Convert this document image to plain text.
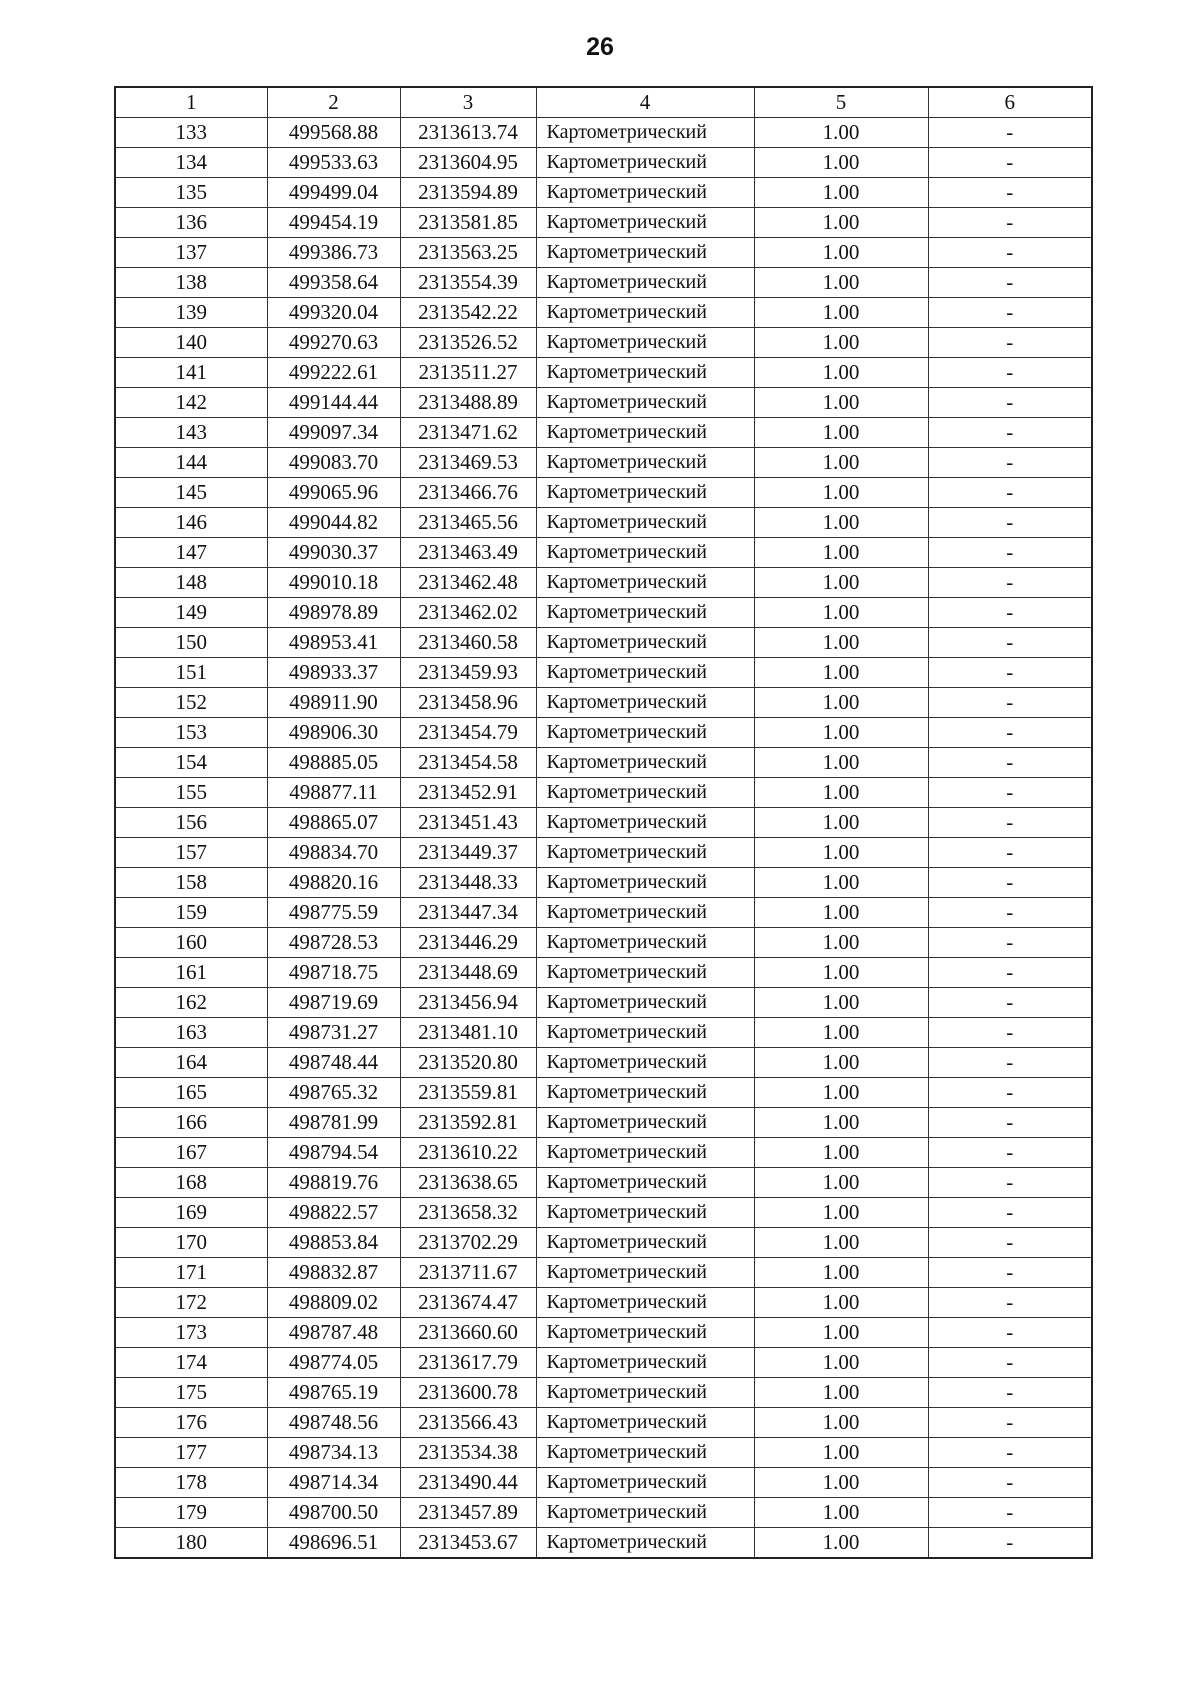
26
1	2	3	4	5	6
133	499568.88	2313613.74	Картометрический	1.00	-
134	499533.63	2313604.95	Картометрический	1.00	-
135	499499.04	2313594.89	Картометрический	1.00	-
136	499454.19	2313581.85	Картометрический	1.00	-
137	499386.73	2313563.25	Картометрический	1.00	-
138	499358.64	2313554.39	Картометрический	1.00	-
139	499320.04	2313542.22	Картометрический	1.00	-
140	499270.63	2313526.52	Картометрический	1.00	-
141	499222.61	2313511.27	Картометрический	1.00	-
142	499144.44	2313488.89	Картометрический	1.00	-
143	499097.34	2313471.62	Картометрический	1.00	-
144	499083.70	2313469.53	Картометрический	1.00	-
145	499065.96	2313466.76	Картометрический	1.00	-
146	499044.82	2313465.56	Картометрический	1.00	-
147	499030.37	2313463.49	Картометрический	1.00	-
148	499010.18	2313462.48	Картометрический	1.00	-
149	498978.89	2313462.02	Картометрический	1.00	-
150	498953.41	2313460.58	Картометрический	1.00	-
151	498933.37	2313459.93	Картометрический	1.00	-
152	498911.90	2313458.96	Картометрический	1.00	-
153	498906.30	2313454.79	Картометрический	1.00	-
154	498885.05	2313454.58	Картометрический	1.00	-
155	498877.11	2313452.91	Картометрический	1.00	-
156	498865.07	2313451.43	Картометрический	1.00	-
157	498834.70	2313449.37	Картометрический	1.00	-
158	498820.16	2313448.33	Картометрический	1.00	-
159	498775.59	2313447.34	Картометрический	1.00	-
160	498728.53	2313446.29	Картометрический	1.00	-
161	498718.75	2313448.69	Картометрический	1.00	-
162	498719.69	2313456.94	Картометрический	1.00	-
163	498731.27	2313481.10	Картометрический	1.00	-
164	498748.44	2313520.80	Картометрический	1.00	-
165	498765.32	2313559.81	Картометрический	1.00	-
166	498781.99	2313592.81	Картометрический	1.00	-
167	498794.54	2313610.22	Картометрический	1.00	-
168	498819.76	2313638.65	Картометрический	1.00	-
169	498822.57	2313658.32	Картометрический	1.00	-
170	498853.84	2313702.29	Картометрический	1.00	-
171	498832.87	2313711.67	Картометрический	1.00	-
172	498809.02	2313674.47	Картометрический	1.00	-
173	498787.48	2313660.60	Картометрический	1.00	-
174	498774.05	2313617.79	Картометрический	1.00	-
175	498765.19	2313600.78	Картометрический	1.00	-
176	498748.56	2313566.43	Картометрический	1.00	-
177	498734.13	2313534.38	Картометрический	1.00	-
178	498714.34	2313490.44	Картометрический	1.00	-
179	498700.50	2313457.89	Картометрический	1.00	-
180	498696.51	2313453.67	Картометрический	1.00	-
